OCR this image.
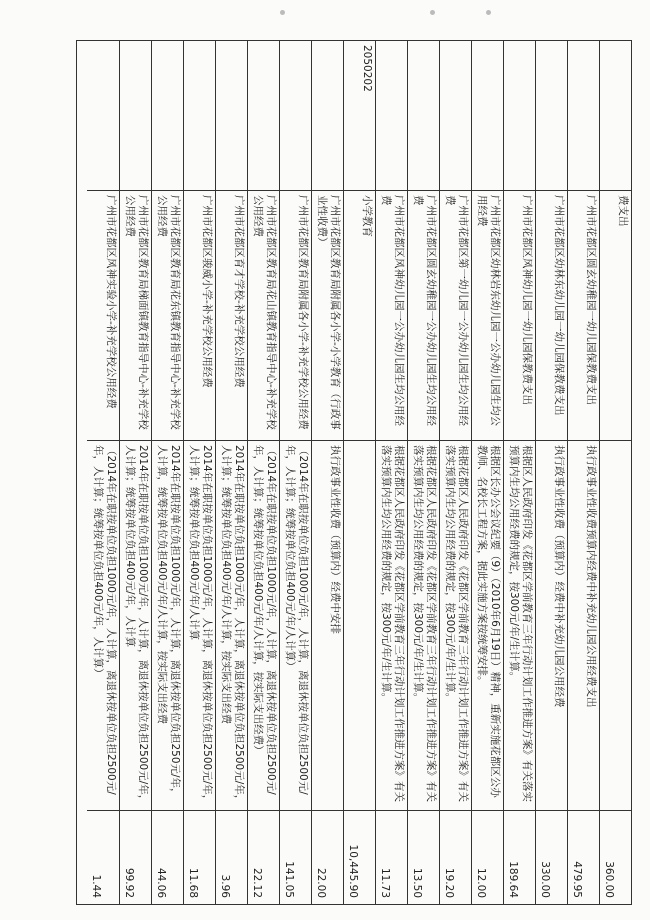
费支出
360.00
广州市花都区圆玄幼稚园一幼儿园保教费支出
执行政事业性收费预算内经费中补充幼儿园公用经费支出
479.95
广州市花都区幼林东幼儿园一幼儿园保教费支出
执行政事业性收费（预算内）经费中补充幼儿园公用经费
330.00
广州市花都区风神幼儿园一幼儿园保教费支出
根据区人民政府印发《花都区学前教育三年行动计划工作推进方案》有关落实预算内生均公用经费的规定，按300元/年/生计算。
189.64
广州市花都区幼林岩东幼儿园一公办幼儿园生均公用经费
根据区长办公会议纪要（9）（2010年6月19日）精神，重新实施花都区公办教师、名校长工程方案，据此实施方案按统筹安排。
12.00
广州市花都区第一幼儿园一公办幼儿园生均公用经费
根据花都区人民政府印发《花都区学前教育三年行动计划工作推进方案》有关落实预算内生均公用经费的规定，按300元/年/生计算。
19.20
广州市花都区圆玄幼稚园一公办幼儿园生均公用经费
根据花都区人民政府印发《花都区学前教育三年行动计划工作推进方案》有关落实预算内生均公用经费的规定，按300元/年/生计算。
13.50
广州市花都区风神幼儿园一公办幼儿园生均公用经费
根据花都区人民政府印发《花都区学前教育三年行动计划工作推进方案》有关落实预算内生均公用经费的规定，按300元/年/生计算。
11.73
2050202
小学教育
10,445.90
广州市花都区教育局附属各小学-小学教育（行政事业性收费）
执行政事业性收费（预算内）经费中安排
22.00
广州市花都区教育局附属各小学-补充学校公用经费
（2014年在职按单位负担1000元/年，人计算，离退休按单位负担2500元/年，人计算；统筹按单位负担400元/年/人计算）
141.05
广州市花都区教育局花山镇教育指导中心-补充学校公用经费
（2014年在职按单位负担1000元/年，人计算，离退休按单位负担2500元/年，人计算；统筹按单位负担400元/年/人计算，按实际支出经费）
22.12
广州市花都区育才学校-补充学校公用经费
2014年在职按单位负担1000元/年，人计算，离退休按单位负担2500元/年，人计算；统筹按单位负担400元/年/人计算，按实际支出经费
3.96
广州市花都区骏威小学-补充学校公用经费
2014年在职按单位负担1000元/年，人计算，离退休按单位负担2500元/年，人计算；统筹按单位负担400元/年/人计算
11.68
广州市花都区教育局花东镇教育指导中心-补充学校公用经费
2014年在职按单位负担1000元/年，人计算，离退休按单位负担250元/年，人计算，统筹按单位负担400元/年/人计算，按实际支出经费
44.06
广州市花都区教育局梯面镇教育指导中心-补充学校公用经费
2014年在职按单位负担1000元/年，人计算，离退休按单位负担2500元/年，人计算；统筹按单位负担400元/年，人计算
99.92
广州市花都区风神实验小学-补充学校公用经费
（2014年在职按单位负担1000元/年，人计算，离退休按单位负担2500元/年，人计算；统筹按单位负担400元/年，人计算）
1.44
